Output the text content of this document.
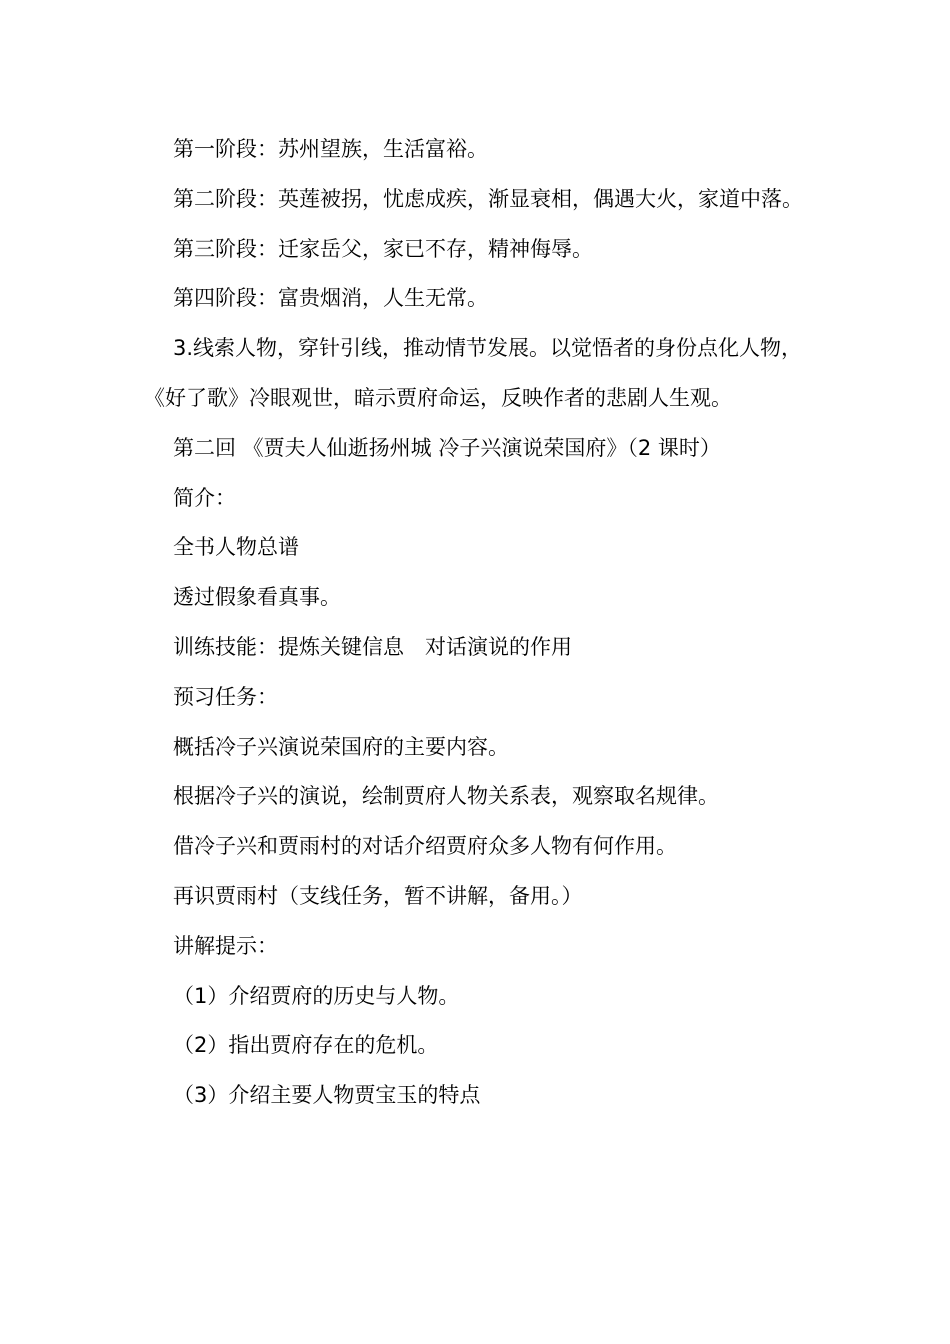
第一阶段：苏州望族，生活富裕。

第二阶段：英莲被拐，忧虑成疾，渐显衰相，偶遇大火，家道中落。

第三阶段：迁家岳父，家已不存，精神侮辱。

第四阶段：富贵烟消，人生无常。

3.线索人物，穿针引线，推动情节发展。以觉悟者的身份点化人物，《好了歌》冷眼观世，暗示贾府命运，反映作者的悲剧人生观。

第二回 《贾夫人仙逝扬州城 冷子兴演说荣国府》（2 课时）

简介：

全书人物总谱

透过假象看真事。

训练技能：提炼关键信息　对话演说的作用

预习任务：

概括冷子兴演说荣国府的主要内容。

根据冷子兴的演说，绘制贾府人物关系表，观察取名规律。

借冷子兴和贾雨村的对话介绍贾府众多人物有何作用。

再识贾雨村（支线任务，暂不讲解，备用。）

讲解提示：

（1）介绍贾府的历史与人物。

（2）指出贾府存在的危机。

（3）介绍主要人物贾宝玉的特点
